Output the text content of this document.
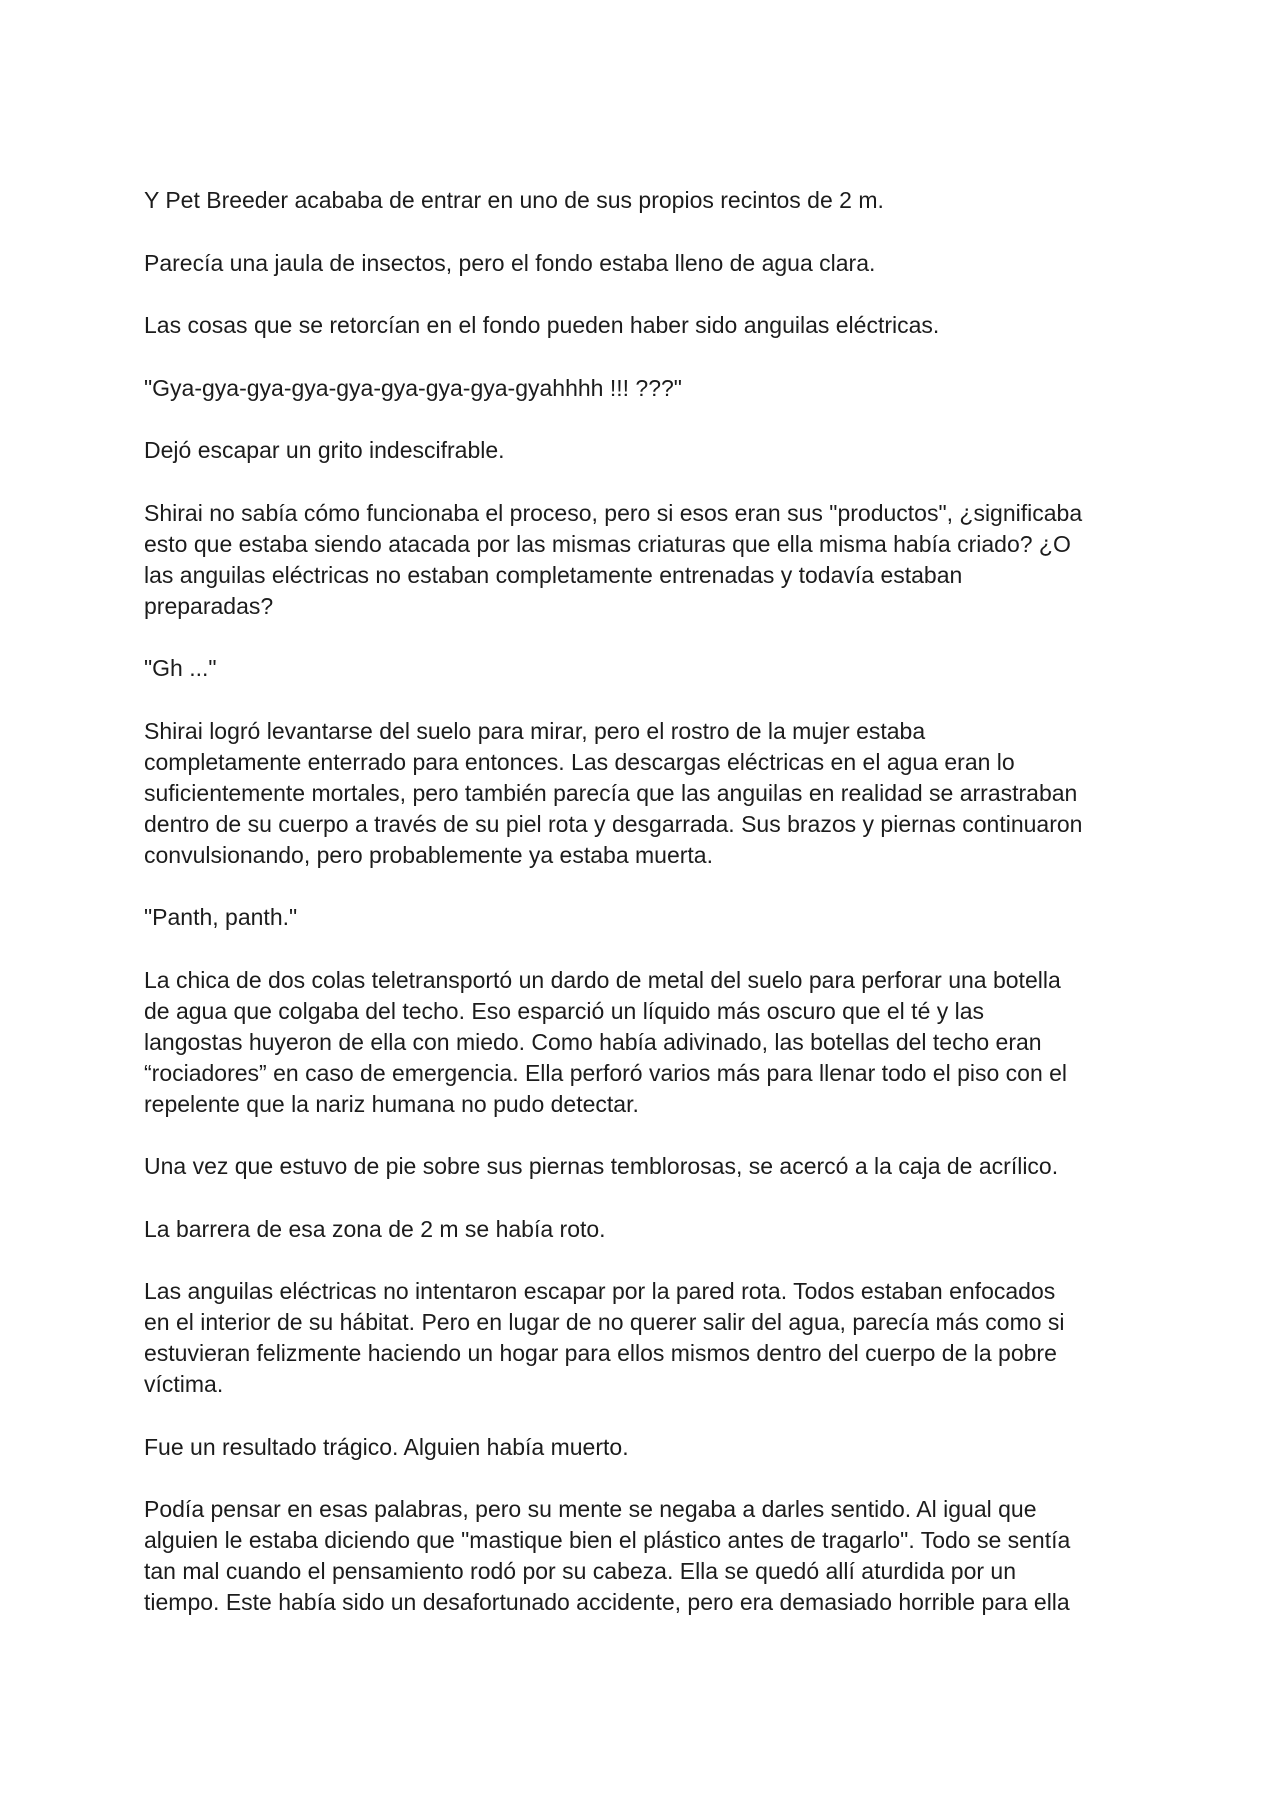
Y Pet Breeder acababa de entrar en uno de sus propios recintos de 2 m.

Parecía una jaula de insectos, pero el fondo estaba lleno de agua clara.

Las cosas que se retorcían en el fondo pueden haber sido anguilas eléctricas.

"Gya-gya-gya-gya-gya-gya-gya-gya-gyahhhh !!! ???"

Dejó escapar un grito indescifrable.

Shirai no sabía cómo funcionaba el proceso, pero si esos eran sus "productos", ¿significaba
esto que estaba siendo atacada por las mismas criaturas que ella misma había criado? ¿O
las anguilas eléctricas no estaban completamente entrenadas y todavía estaban
preparadas?

"Gh ..."

Shirai logró levantarse del suelo para mirar, pero el rostro de la mujer estaba
completamente enterrado para entonces. Las descargas eléctricas en el agua eran lo
suficientemente mortales, pero también parecía que las anguilas en realidad se arrastraban
dentro de su cuerpo a través de su piel rota y desgarrada. Sus brazos y piernas continuaron
convulsionando, pero probablemente ya estaba muerta.

"Panth, panth."

La chica de dos colas teletransportó un dardo de metal del suelo para perforar una botella
de agua que colgaba del techo. Eso esparció un líquido más oscuro que el té y las
langostas huyeron de ella con miedo. Como había adivinado, las botellas del techo eran
“rociadores” en caso de emergencia. Ella perforó varios más para llenar todo el piso con el
repelente que la nariz humana no pudo detectar.

Una vez que estuvo de pie sobre sus piernas temblorosas, se acercó a la caja de acrílico.

La barrera de esa zona de 2 m se había roto.

Las anguilas eléctricas no intentaron escapar por la pared rota. Todos estaban enfocados
en el interior de su hábitat. Pero en lugar de no querer salir del agua, parecía más como si
estuvieran felizmente haciendo un hogar para ellos mismos dentro del cuerpo de la pobre
víctima.

Fue un resultado trágico. Alguien había muerto.

Podía pensar en esas palabras, pero su mente se negaba a darles sentido. Al igual que
alguien le estaba diciendo que "mastique bien el plástico antes de tragarlo". Todo se sentía
tan mal cuando el pensamiento rodó por su cabeza. Ella se quedó allí aturdida por un
tiempo. Este había sido un desafortunado accidente, pero era demasiado horrible para ella
